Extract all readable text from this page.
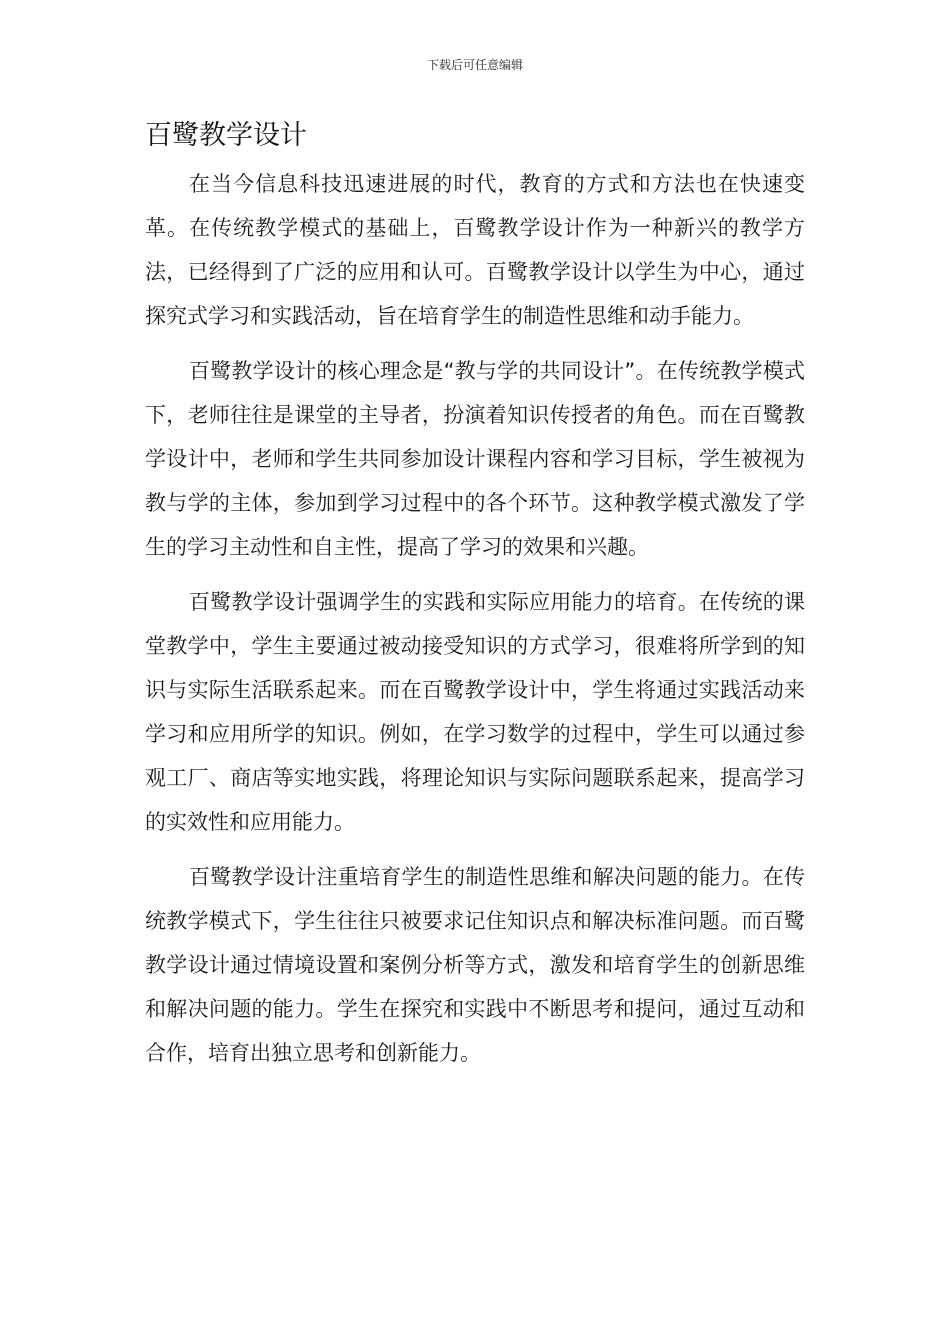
下载后可任意编辑
百鹭教学设计

在当今信息科技迅速进展的时代，教育的方式和方法也在快速变革。在传统教学模式的基础上，百鹭教学设计作为一种新兴的教学方法，已经得到了广泛的应用和认可。百鹭教学设计以学生为中心，通过探究式学习和实践活动，旨在培育学生的制造性思维和动手能力。

百鹭教学设计的核心理念是“教与学的共同设计”。在传统教学模式下，老师往往是课堂的主导者，扮演着知识传授者的角色。而在百鹭教学设计中，老师和学生共同参加设计课程内容和学习目标，学生被视为教与学的主体，参加到学习过程中的各个环节。这种教学模式激发了学生的学习主动性和自主性，提高了学习的效果和兴趣。

百鹭教学设计强调学生的实践和实际应用能力的培育。在传统的课堂教学中，学生主要通过被动接受知识的方式学习，很难将所学到的知识与实际生活联系起来。而在百鹭教学设计中，学生将通过实践活动来学习和应用所学的知识。例如，在学习数学的过程中，学生可以通过参观工厂、商店等实地实践，将理论知识与实际问题联系起来，提高学习的实效性和应用能力。

百鹭教学设计注重培育学生的制造性思维和解决问题的能力。在传统教学模式下，学生往往只被要求记住知识点和解决标准问题。而百鹭教学设计通过情境设置和案例分析等方式，激发和培育学生的创新思维和解决问题的能力。学生在探究和实践中不断思考和提问，通过互动和合作，培育出独立思考和创新能力。
